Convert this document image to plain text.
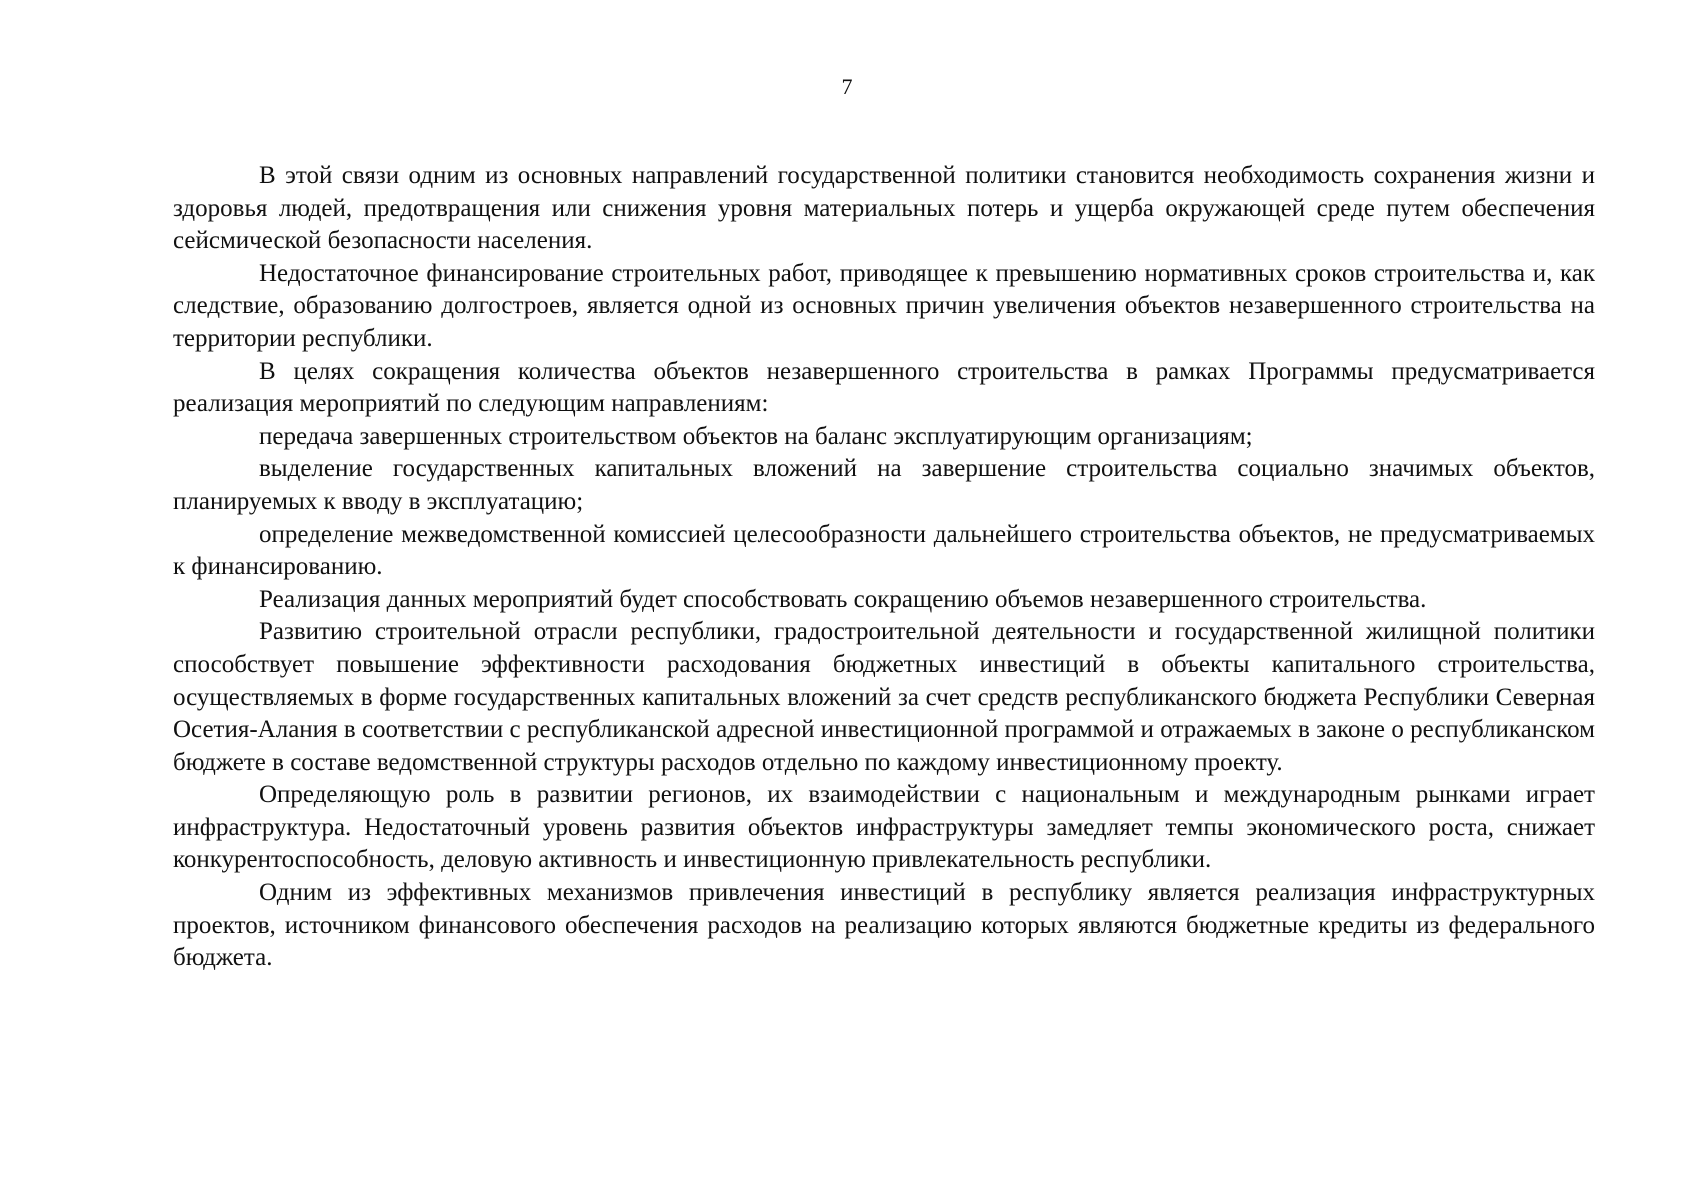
7

В этой связи одним из основных направлений государственной политики становится необходимость сохранения жизни и здоровья людей, предотвращения или снижения уровня материальных потерь и ущерба окружающей среде путем обеспечения сейсмической безопасности населения.

Недостаточное финансирование строительных работ, приводящее к превышению нормативных сроков строительства и, как следствие, образованию долгостроев, является одной из основных причин увеличения объектов незавершенного строительства на территории республики.

В целях сокращения количества объектов незавершенного строительства в рамках Программы предусматривается реализация мероприятий по следующим направлениям:

передача завершенных строительством объектов на баланс эксплуатирующим организациям;

выделение государственных капитальных вложений на завершение строительства социально значимых объектов, планируемых к вводу в эксплуатацию;

определение межведомственной комиссией целесообразности дальнейшего строительства объектов, не предусматриваемых к финансированию.

Реализация данных мероприятий будет способствовать сокращению объемов незавершенного строительства.

Развитию строительной отрасли республики, градостроительной деятельности и государственной жилищной политики способствует повышение эффективности расходования бюджетных инвестиций в объекты капитального строительства, осуществляемых в форме государственных капитальных вложений за счет средств республиканского бюджета Республики Северная Осетия-Алания в соответствии с республиканской адресной инвестиционной программой и отражаемых в законе о республиканском бюджете в составе ведомственной структуры расходов отдельно по каждому инвестиционному проекту.

Определяющую роль в развитии регионов, их взаимодействии с национальным и международным рынками играет инфраструктура. Недостаточный уровень развития объектов инфраструктуры замедляет темпы экономического роста, снижает конкурентоспособность, деловую активность и инвестиционную привлекательность республики.

Одним из эффективных механизмов привлечения инвестиций в республику является реализация инфраструктурных проектов, источником финансового обеспечения расходов на реализацию которых являются бюджетные кредиты из федерального бюджета.
